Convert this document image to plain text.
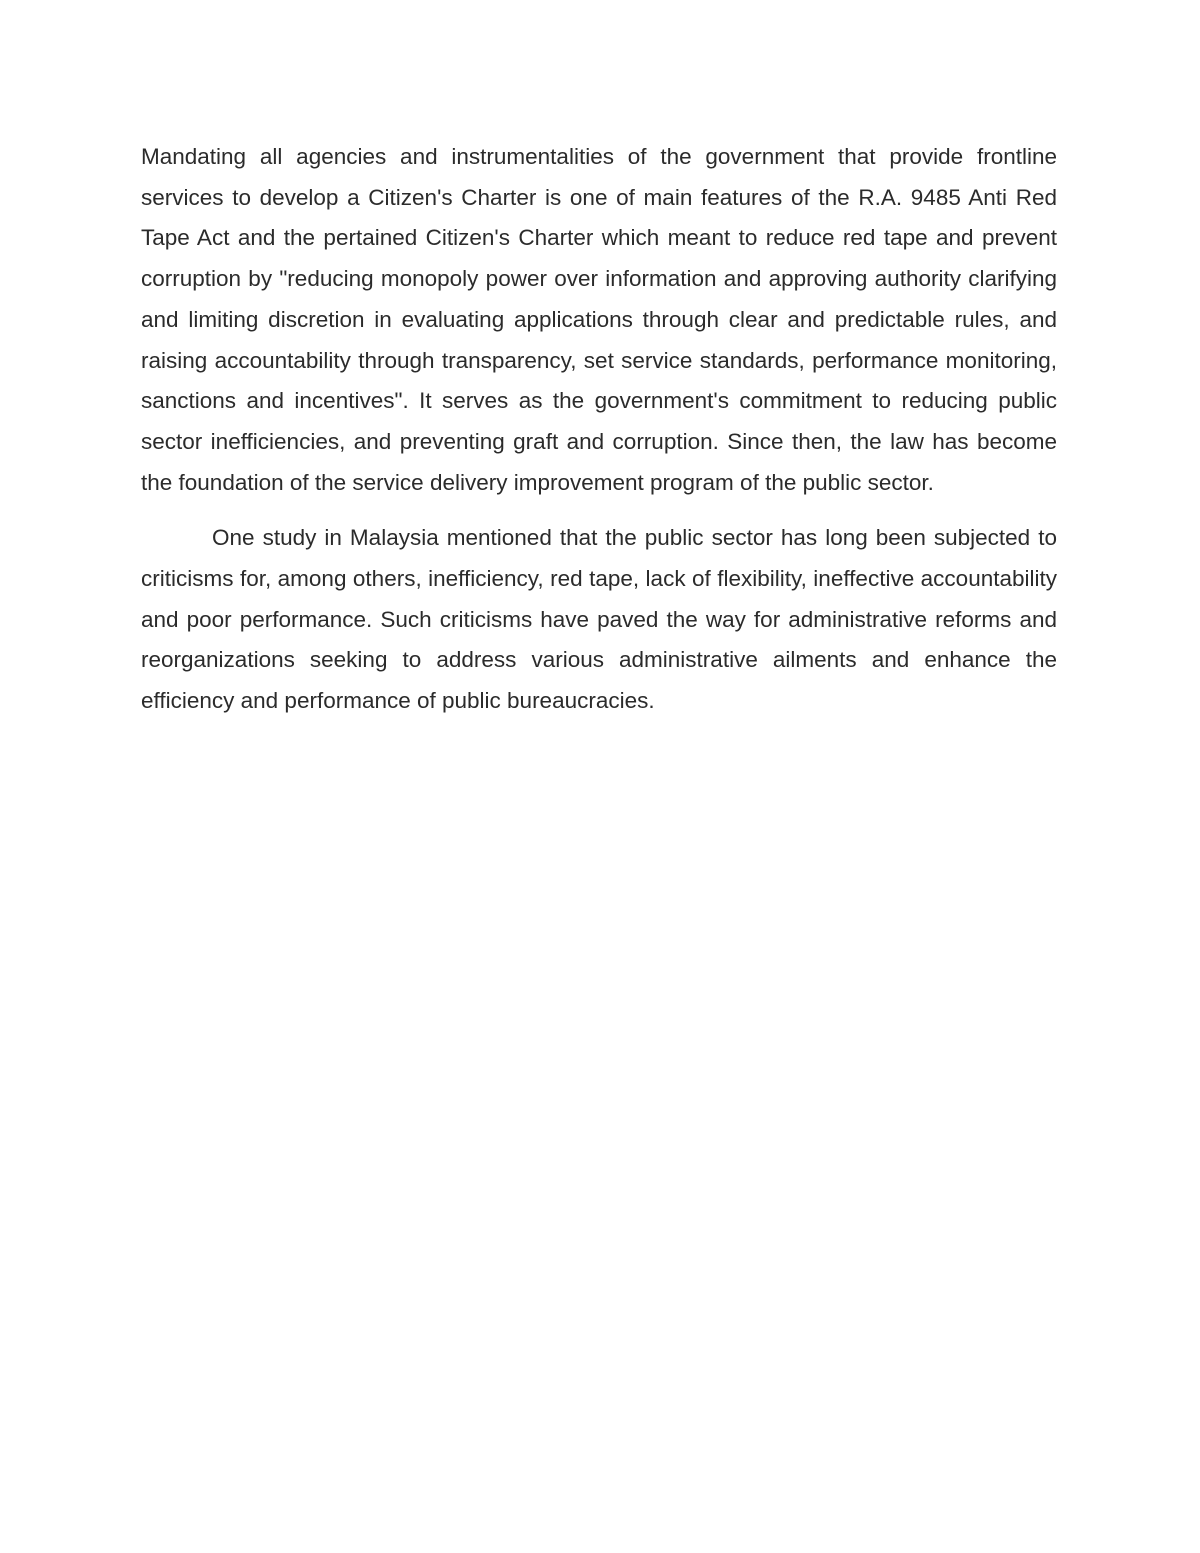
Mandating all agencies and instrumentalities of the government that provide frontline services to develop a Citizen's Charter is one of main features of the R.A. 9485 Anti Red Tape Act and the pertained Citizen's Charter which meant to reduce red tape and prevent corruption by "reducing monopoly power over information and approving authority clarifying and limiting discretion in evaluating applications through clear and predictable rules, and raising accountability through transparency, set service standards, performance monitoring, sanctions and incentives". It serves as the government's commitment to reducing public sector inefficiencies, and preventing graft and corruption. Since then, the law has become the foundation of the service delivery improvement program of the public sector.

One study in Malaysia mentioned that the public sector has long been subjected to criticisms for, among others, inefficiency, red tape, lack of flexibility, ineffective accountability and poor performance. Such criticisms have paved the way for administrative reforms and reorganizations seeking to address various administrative ailments and enhance the efficiency and performance of public bureaucracies.
